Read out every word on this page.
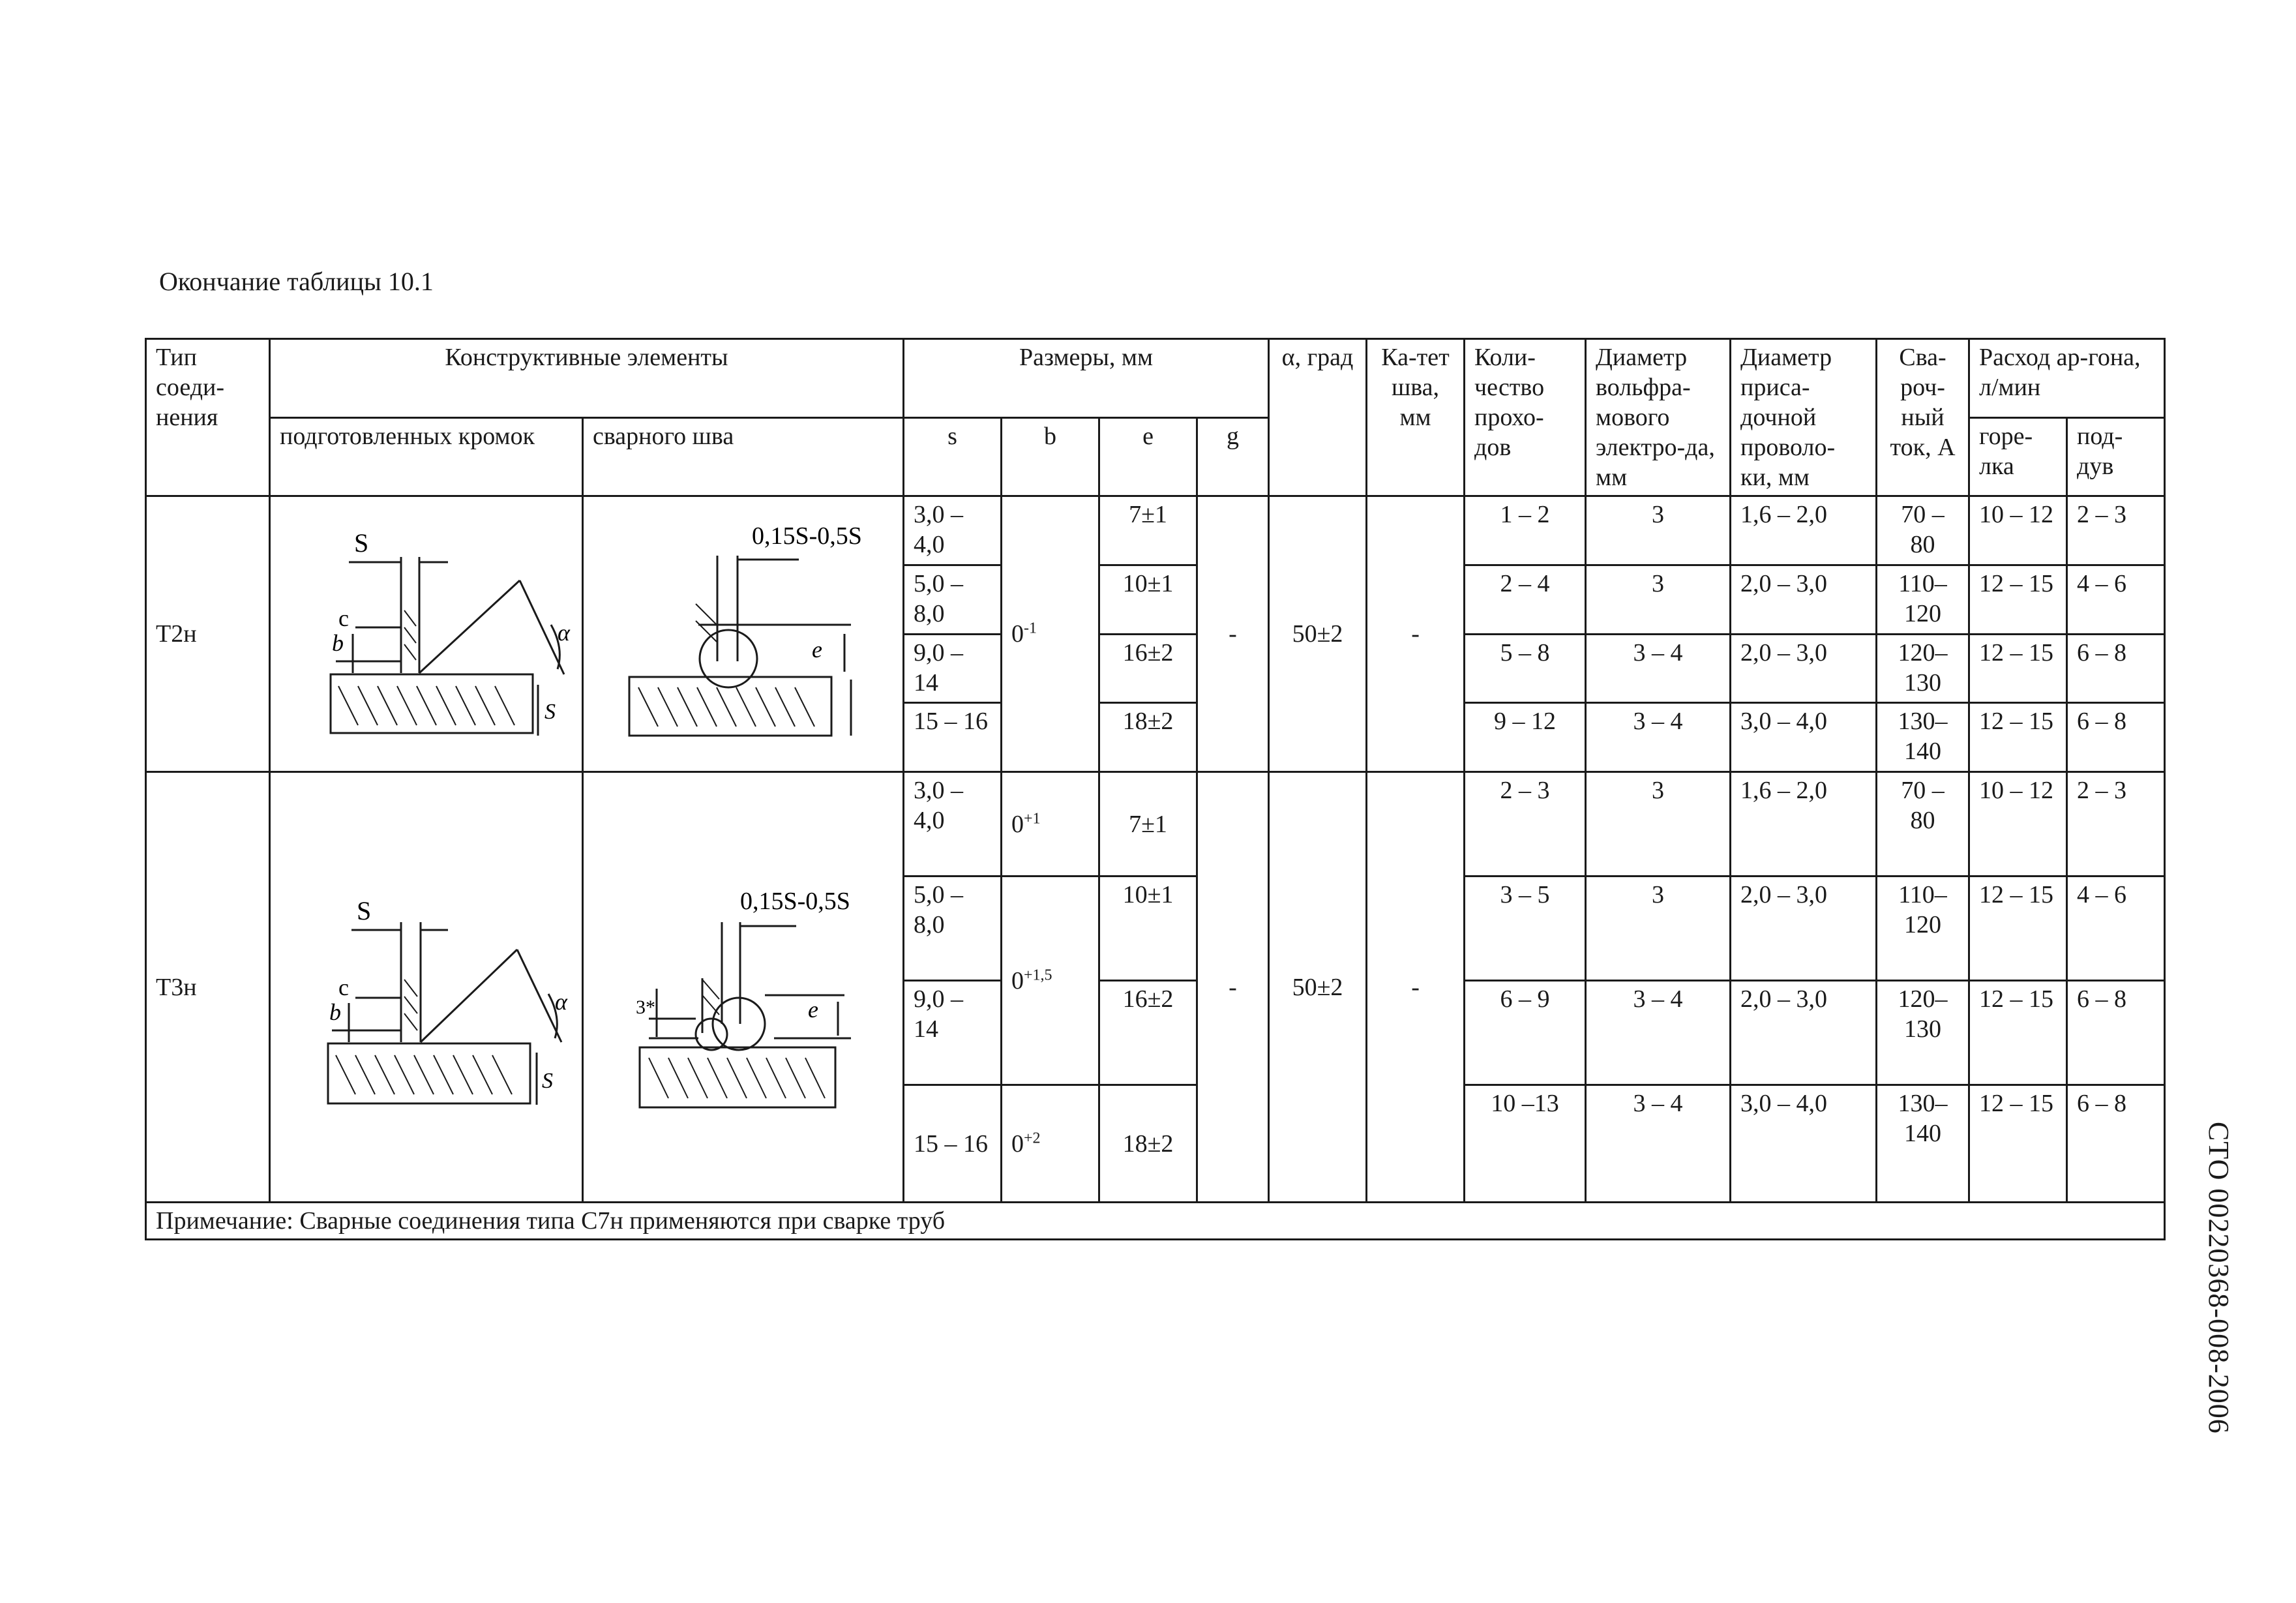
Окончание таблицы 10.1
СТО 00220368-008-2006
Тип соеди-нения	Конструктивные элементы		Размеры, мм				α, град	Ка-тет шва, мм	Коли-чество прохо-дов	Диаметр вольфра-мового электро-да, мм	Диаметр приса-дочной проволо-ки, мм	Сва-роч-ный ток, А	Расход ар-гона, л/мин	
	подготовленных кромок	сварного шва	s	b	e	g							горе-лка	под-дув
Т2н	S
c
b α
S	0,15S-0,5S
e	3,0 – 4,0	$0^{-1}$	7±1	-	50±2	-	1 – 2	3	1,6 – 2,0	70 – 80	10 – 12	2 – 3
			5,0 – 8,0		10±1				2 – 4	3	2,0 – 3,0	110–120	12 – 15	4 – 6
			9,0 – 14		16±2				5 – 8	3 – 4	2,0 – 3,0	120–130	12 – 15	6 – 8
			15 – 16		18±2				9 – 12	3 – 4	3,0 – 4,0	130–140	12 – 15	6 – 8
Т3н	S
c
b α
S	0,15S-0,5S
e
3*	3,0 – 4,0	$0^{+1}$	7±1	-	50±2	-	2 – 3	3	1,6 – 2,0	70 – 80	10 – 12	2 – 3
			5,0 – 8,0	$0^{+1,5}$	10±1				3 – 5	3	2,0 – 3,0	110–120	12 – 15	4 – 6
			9,0 – 14		16±2				6 – 9	3 – 4	2,0 – 3,0	120–130	12 – 15	6 – 8
			15 – 16	$0^{+2}$	18±2				10 –13	3 – 4	3,0 – 4,0	130–140	12 – 15	6 – 8
Примечание: Сварные соединения типа С7н применяются при сварке труб														
